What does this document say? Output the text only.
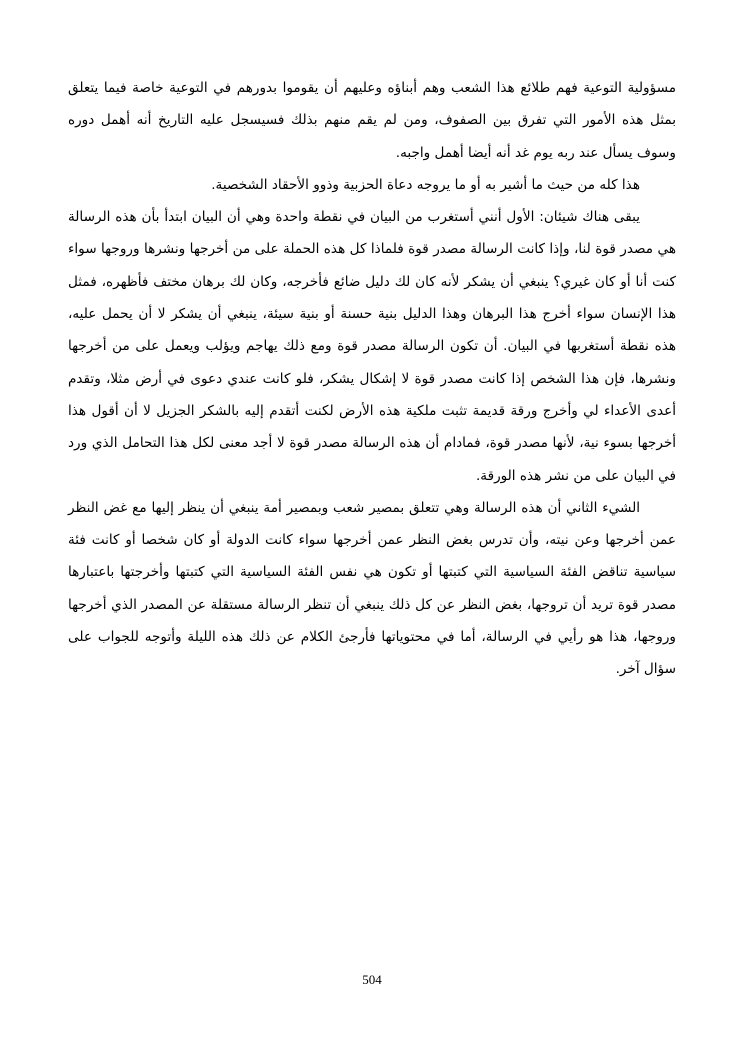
مسؤولية التوعية فهم طلائع هذا الشعب وهم أبناؤه وعليهم أن يقوموا بدورهم في التوعية خاصة فيما يتعلق بمثل هذه الأمور التي تفرق بين الصفوف، ومن لم يقم منهم بذلك فسيسجل عليه التاريخ أنه أهمل دوره وسوف يسأل عند ربه يوم غد أنه أيضا أهمل واجبه.

هذا كله من حيث ما أشير به أو ما يروجه دعاة الحزبية وذوو الأحقاد الشخصية.

يبقى هناك شيئان: الأول أنني أستغرب من البيان في نقطة واحدة وهي أن البيان ابتدأ بأن هذه الرسالة هي مصدر قوة لنا، وإذا كانت الرسالة مصدر قوة فلماذا كل هذه الحملة على من أخرجها ونشرها وروجها سواء كنت أنا أو كان غيري؟ ينبغي أن يشكر لأنه كان لك دليل ضائع فأخرجه، وكان لك برهان مختف فأظهره، فمثل هذا الإنسان سواء أخرج هذا البرهان وهذا الدليل بنية حسنة أو بنية سيئة، ينبغي أن يشكر لا أن يحمل عليه، هذه نقطة أستغربها في البيان. أن تكون الرسالة مصدر قوة ومع ذلك يهاجم ويؤلب ويعمل على من أخرجها ونشرها، فإن هذا الشخص إذا كانت مصدر قوة لا إشكال يشكر، فلو كانت عندي دعوى في أرض مثلا، وتقدم أعدى الأعداء لي وأخرج ورقة قديمة تثبت ملكية هذه الأرض لكنت أتقدم إليه بالشكر الجزيل لا أن أقول هذا أخرجها بسوء نية، لأنها مصدر قوة، فمادام أن هذه الرسالة مصدر قوة لا أجد معنى لكل هذا التحامل الذي ورد في البيان على من نشر هذه الورقة.

الشيء الثاني أن هذه الرسالة وهي تتعلق بمصير شعب وبمصير أمة ينبغي أن ينظر إليها مع غض النظر عمن أخرجها وعن نيته، وأن تدرس بغض النظر عمن أخرجها سواء كانت الدولة أو كان شخصا أو كانت فئة سياسية تناقض الفئة السياسية التي كتبتها أو تكون هي نفس الفئة السياسية التي كتبتها وأخرجتها باعتبارها مصدر قوة تريد أن تروجها، بغض النظر عن كل ذلك ينبغي أن تنظر الرسالة مستقلة عن المصدر الذي أخرجها وروجها، هذا هو رأيي في الرسالة، أما في محتوياتها فأرجئ الكلام عن ذلك هذه الليلة وأتوجه للجواب على سؤال آخر.

504
